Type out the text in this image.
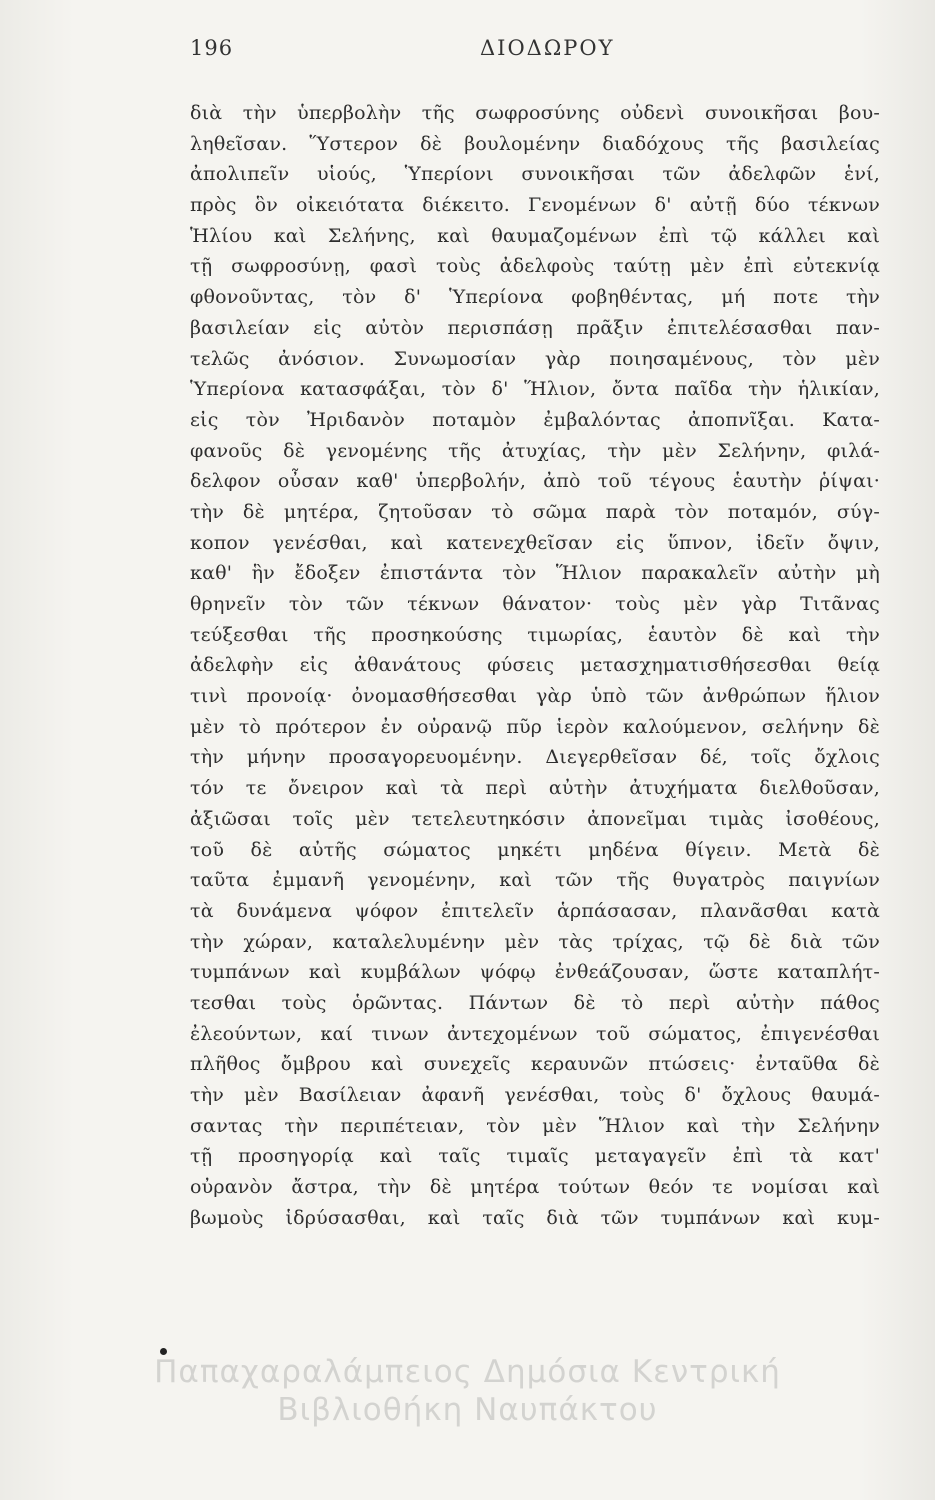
196	ΔΙΟΔΩΡΟΥ
διὰ τὴν ὑπερβολὴν τῆς σωφροσύνης οὐδενὶ συνοικῆσαι βου-
ληθεῖσαν. Ὕστερον δὲ βουλομένην διαδόχους τῆς βασιλείας
ἀπολιπεῖν υἱούς, Ὑπερίονι συνοικῆσαι τῶν ἀδελφῶν ἑνί,
πρὸς ὃν οἰκειότατα διέκειτο. Γενομένων δ' αὐτῇ δύο τέκνων
Ἡλίου καὶ Σελήνης, καὶ θαυμαζομένων ἐπὶ τῷ κάλλει καὶ
τῇ σωφροσύνῃ, φασὶ τοὺς ἀδελφοὺς ταύτῃ μὲν ἐπὶ εὐτεκνίᾳ
φθονοῦντας, τὸν δ' Ὑπερίονα φοβηθέντας, μή ποτε τὴν
βασιλείαν εἰς αὐτὸν περισπάσῃ πρᾶξιν ἐπιτελέσασθαι παν-
τελῶς ἀνόσιον. Συνωμοσίαν γὰρ ποιησαμένους, τὸν μὲν
Ὑπερίονα κατασφάξαι, τὸν δ' Ἥλιον, ὄντα παῖδα τὴν ἡλικίαν,
εἰς τὸν Ἠριδανὸν ποταμὸν ἐμβαλόντας ἀποπνῖξαι. Κατα-
φανοῦς δὲ γενομένης τῆς ἀτυχίας, τὴν μὲν Σελήνην, φιλά-
δελφον οὖσαν καθ' ὑπερβολήν, ἀπὸ τοῦ τέγους ἑαυτὴν ῥίψαι·
τὴν δὲ μητέρα, ζητοῦσαν τὸ σῶμα παρὰ τὸν ποταμόν, σύγ-
κοπον γενέσθαι, καὶ κατενεχθεῖσαν εἰς ὕπνον, ἰδεῖν ὄψιν,
καθ' ἣν ἔδοξεν ἐπιστάντα τὸν Ἥλιον παρακαλεῖν αὐτὴν μὴ
θρηνεῖν τὸν τῶν τέκνων θάνατον· τοὺς μὲν γὰρ Τιτᾶνας
τεύξεσθαι τῆς προσηκούσης τιμωρίας, ἑαυτὸν δὲ καὶ τὴν
ἀδελφὴν εἰς ἀθανάτους φύσεις μετασχηματισθήσεσθαι θείᾳ
τινὶ προνοίᾳ· ὀνομασθήσεσθαι γὰρ ὑπὸ τῶν ἀνθρώπων ἥλιον
μὲν τὸ πρότερον ἐν οὐρανῷ πῦρ ἱερὸν καλούμενον, σελήνην δὲ
τὴν μήνην προσαγορευομένην. Διεγερθεῖσαν δέ, τοῖς ὄχλοις
τόν τε ὄνειρον καὶ τὰ περὶ αὐτὴν ἀτυχήματα διελθοῦσαν,
ἀξιῶσαι τοῖς μὲν τετελευτηκόσιν ἀπονεῖμαι τιμὰς ἰσοθέους,
τοῦ δὲ αὐτῆς σώματος μηκέτι μηδένα θίγειν. Μετὰ δὲ
ταῦτα ἐμμανῆ γενομένην, καὶ τῶν τῆς θυγατρὸς παιγνίων
τὰ δυνάμενα ψόφον ἐπιτελεῖν ἁρπάσασαν, πλανᾶσθαι κατὰ
τὴν χώραν, καταλελυμένην μὲν τὰς τρίχας, τῷ δὲ διὰ τῶν
τυμπάνων καὶ κυμβάλων ψόφῳ ἐνθεάζουσαν, ὥστε καταπλήτ-
τεσθαι τοὺς ὁρῶντας. Πάντων δὲ τὸ περὶ αὐτὴν πάθος
ἐλεούντων, καί τινων ἀντεχομένων τοῦ σώματος, ἐπιγενέσθαι
πλῆθος ὄμβρου καὶ συνεχεῖς κεραυνῶν πτώσεις· ἐνταῦθα δὲ
τὴν μὲν Βασίλειαν ἀφανῆ γενέσθαι, τοὺς δ' ὄχλους θαυμά-
σαντας τὴν περιπέτειαν, τὸν μὲν Ἥλιον καὶ τὴν Σελήνην
τῇ προσηγορίᾳ καὶ ταῖς τιμαῖς μεταγαγεῖν ἐπὶ τὰ κατ'
οὐρανὸν ἄστρα, τὴν δὲ μητέρα τούτων θεόν τε νομίσαι καὶ
βωμοὺς ἱδρύσασθαι, καὶ ταῖς διὰ τῶν τυμπάνων καὶ κυμ-
Παπαχαραλάμπειος Δημόσια Κεντρική
Βιβλιοθήκη Ναυπάκτου
